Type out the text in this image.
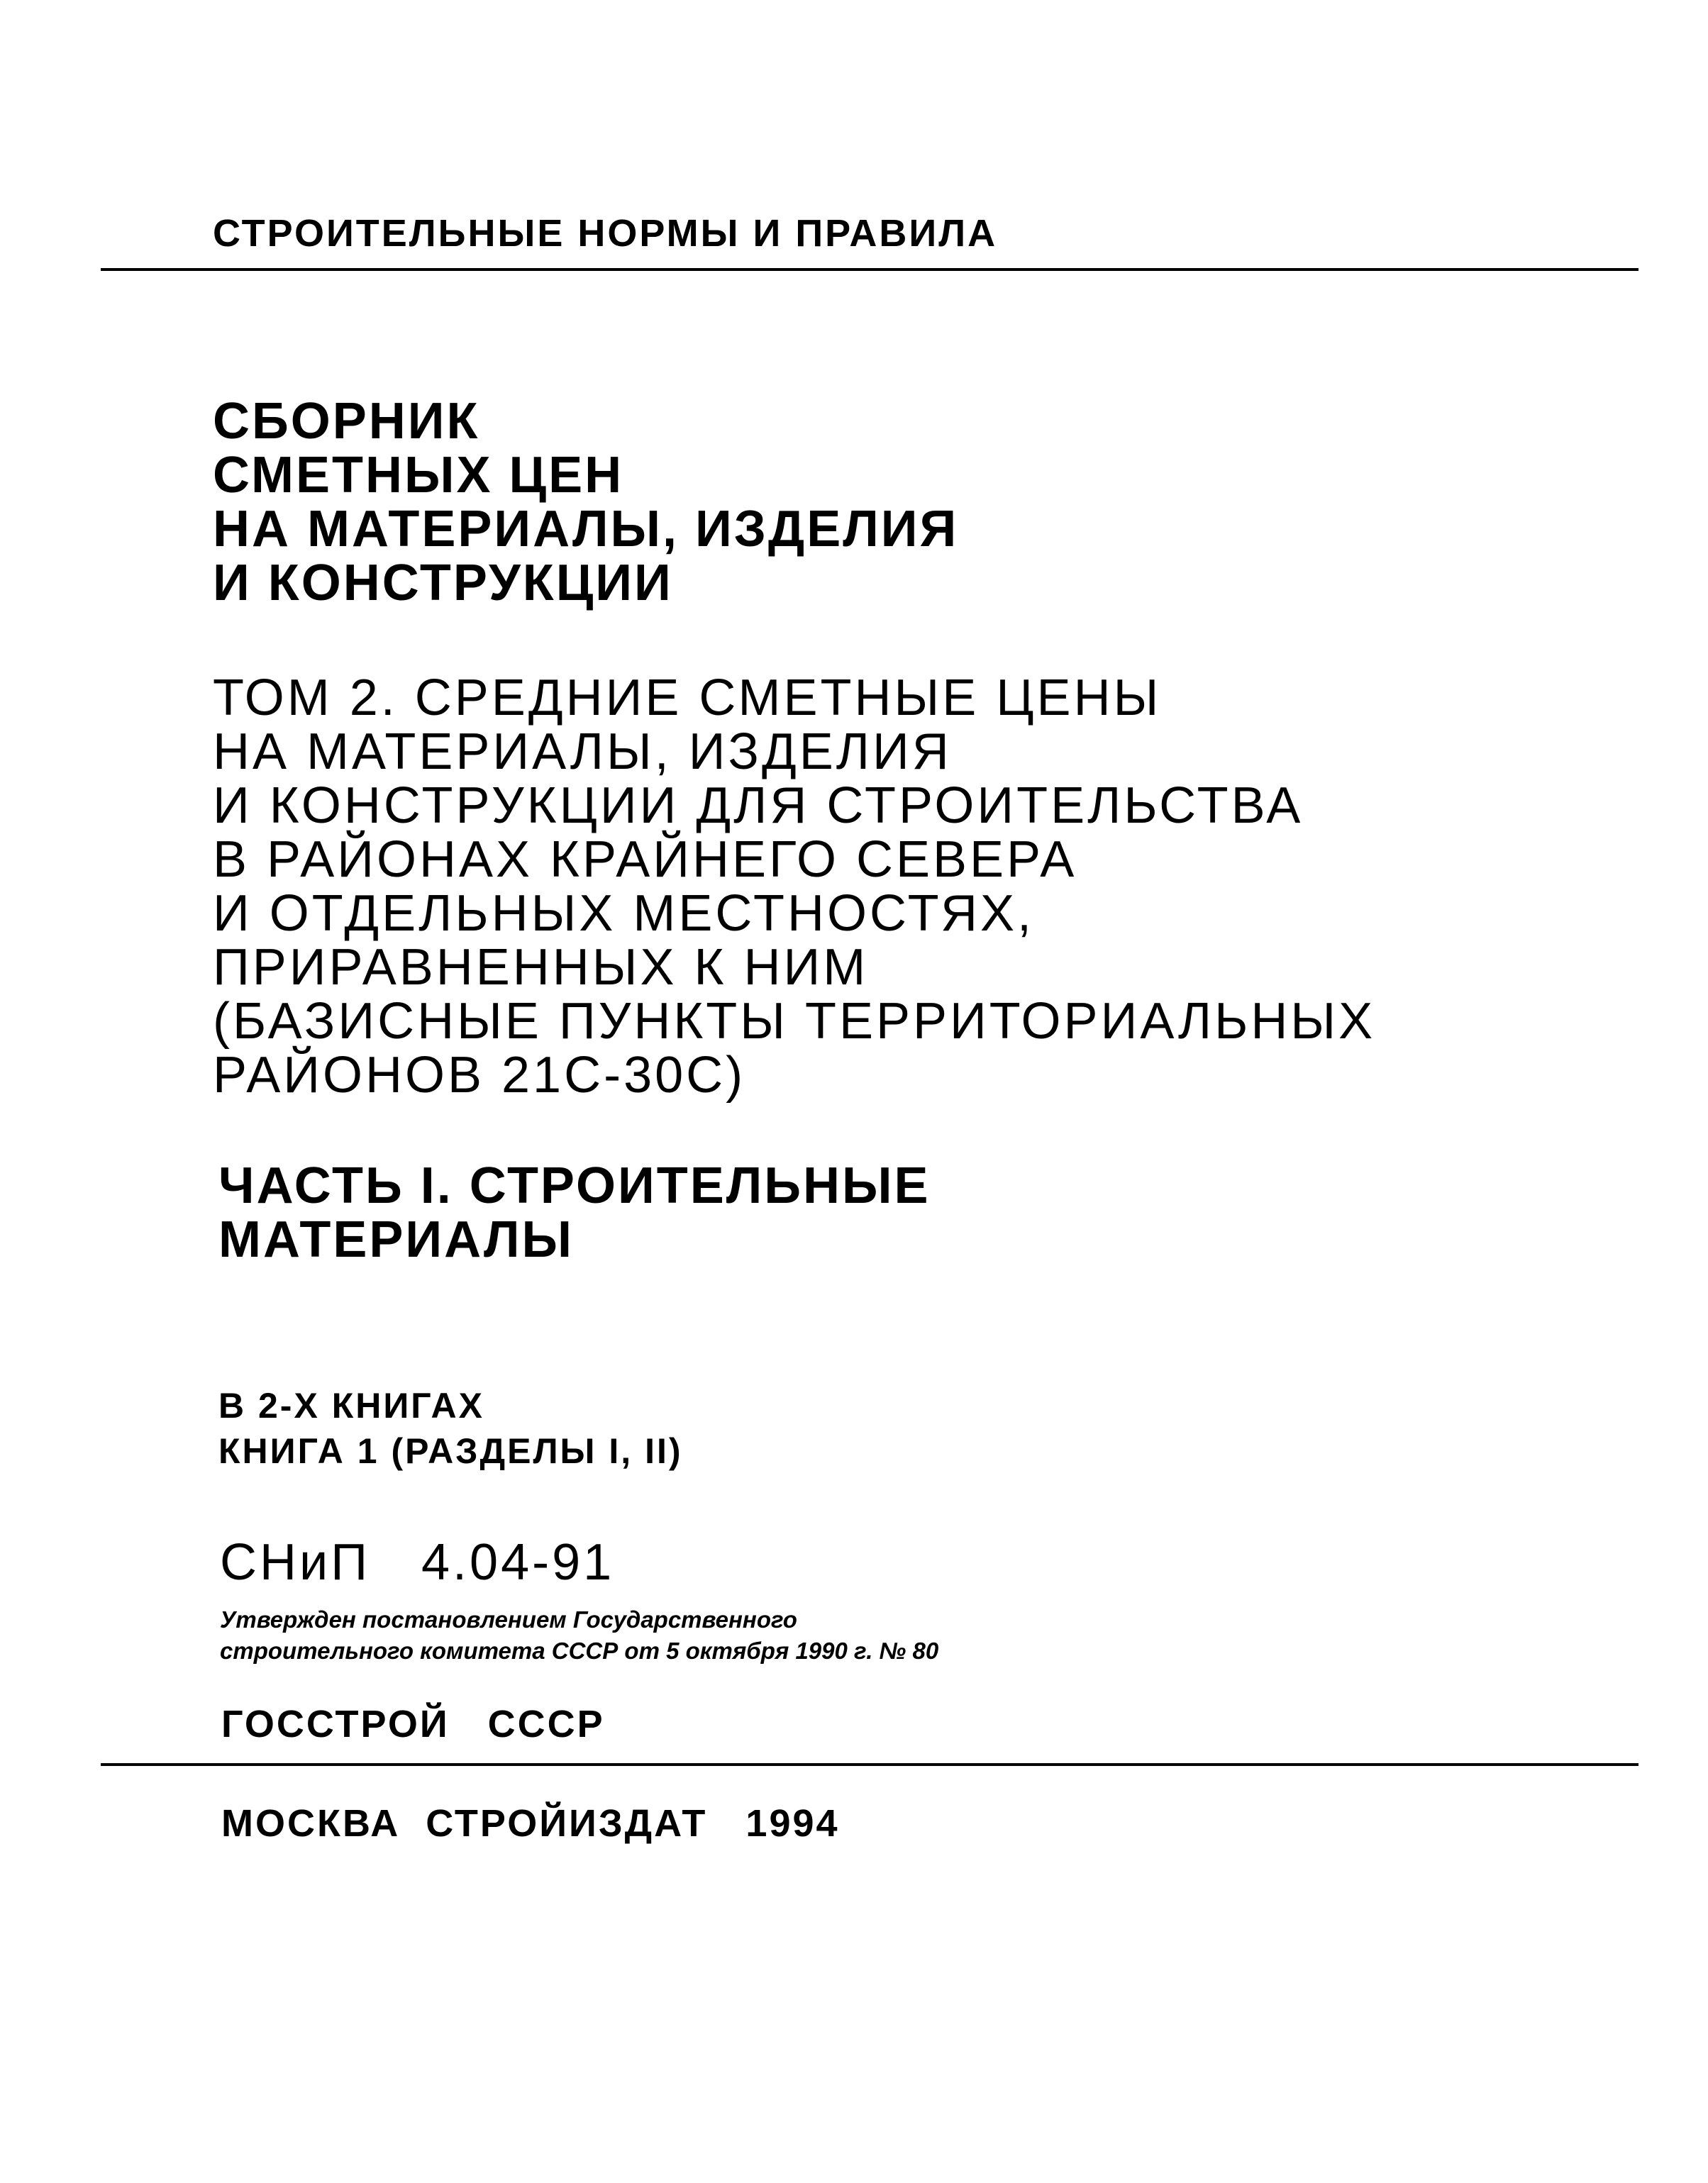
СТРОИТЕЛЬНЫЕ НОРМЫ И ПРАВИЛА
СБОРНИК
СМЕТНЫХ ЦЕН
НА МАТЕРИАЛЫ, ИЗДЕЛИЯ
И КОНСТРУКЦИИ
ТОМ 2. СРЕДНИЕ СМЕТНЫЕ ЦЕНЫ
НА МАТЕРИАЛЫ, ИЗДЕЛИЯ
И КОНСТРУКЦИИ ДЛЯ СТРОИТЕЛЬСТВА
В РАЙОНАХ КРАЙНЕГО СЕВЕРА
И ОТДЕЛЬНЫХ МЕСТНОСТЯХ,
ПРИРАВНЕННЫХ К НИМ
(БАЗИСНЫЕ ПУНКТЫ ТЕРРИТОРИАЛЬНЫХ
РАЙОНОВ 21С-30С)
ЧАСТЬ I. СТРОИТЕЛЬНЫЕ
МАТЕРИАЛЫ
В 2-Х КНИГАХ
КНИГА 1 (РАЗДЕЛЫ I, II)
СНиП   4.04-91
Утвержден постановлением Государственного
строительного комитета СССР от 5 октября 1990 г. № 80
ГОССТРОЙ   СССР
МОСКВА  СТРОЙИЗДАТ   1994
